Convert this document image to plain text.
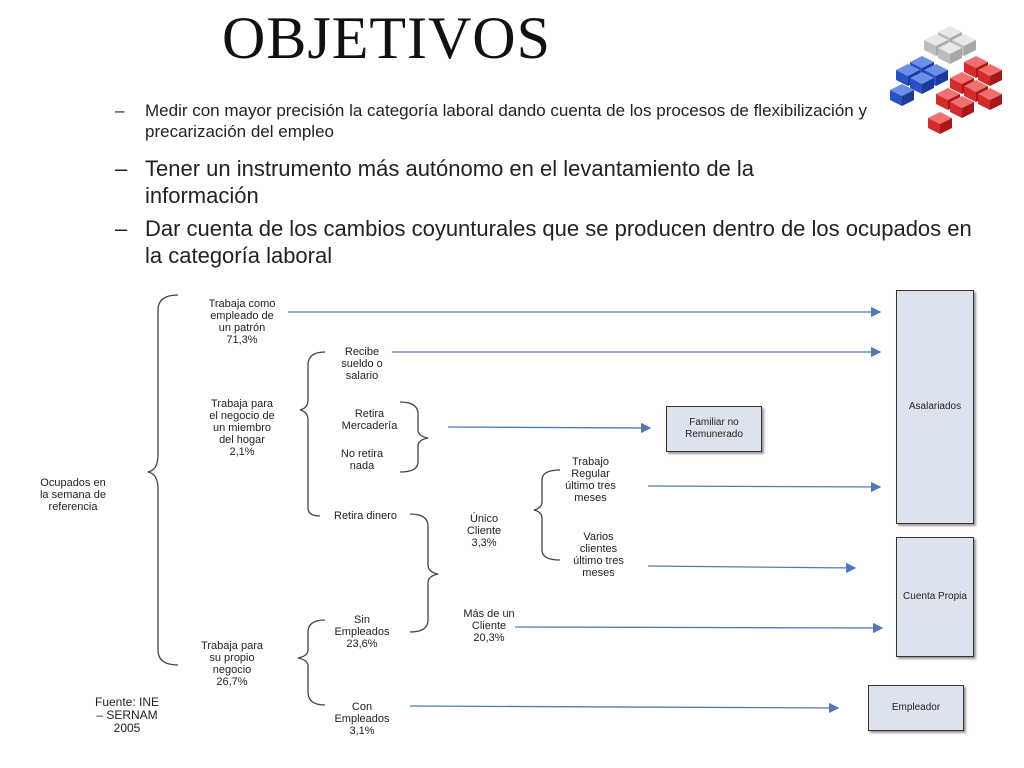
OBJETIVOS
– Medir con mayor precisión la categoría laboral dando cuenta de los procesos de flexibilización y precarización del empleo
– Tener un instrumento más autónomo en el levantamiento de la información
– Dar cuenta de los cambios coyunturales que se producen dentro de los ocupados en la categoría laboral
Ocupados en
la semana de
referencia
Trabaja como
empleado de
un patrón
71,3%
Trabaja para
el negocio de
un miembro
del hogar
2,1%
Trabaja para
su propio
negocio
26,7%
Recibe
sueldo o
salario
Retira
Mercadería
No retira
nada
Retira dinero	Único
Cliente
3,3%
Más de un
Cliente
20,3%
Trabajo
Regular
último tres
meses
Varios
clientes
último tres
meses
Sin
Empleados
23,6%
Con
Empleados
3,1%
Fuente: INE
– SERNAM
2005
Asalariados
Familiar no
Remunerado
Cuenta Propia
Empleador
